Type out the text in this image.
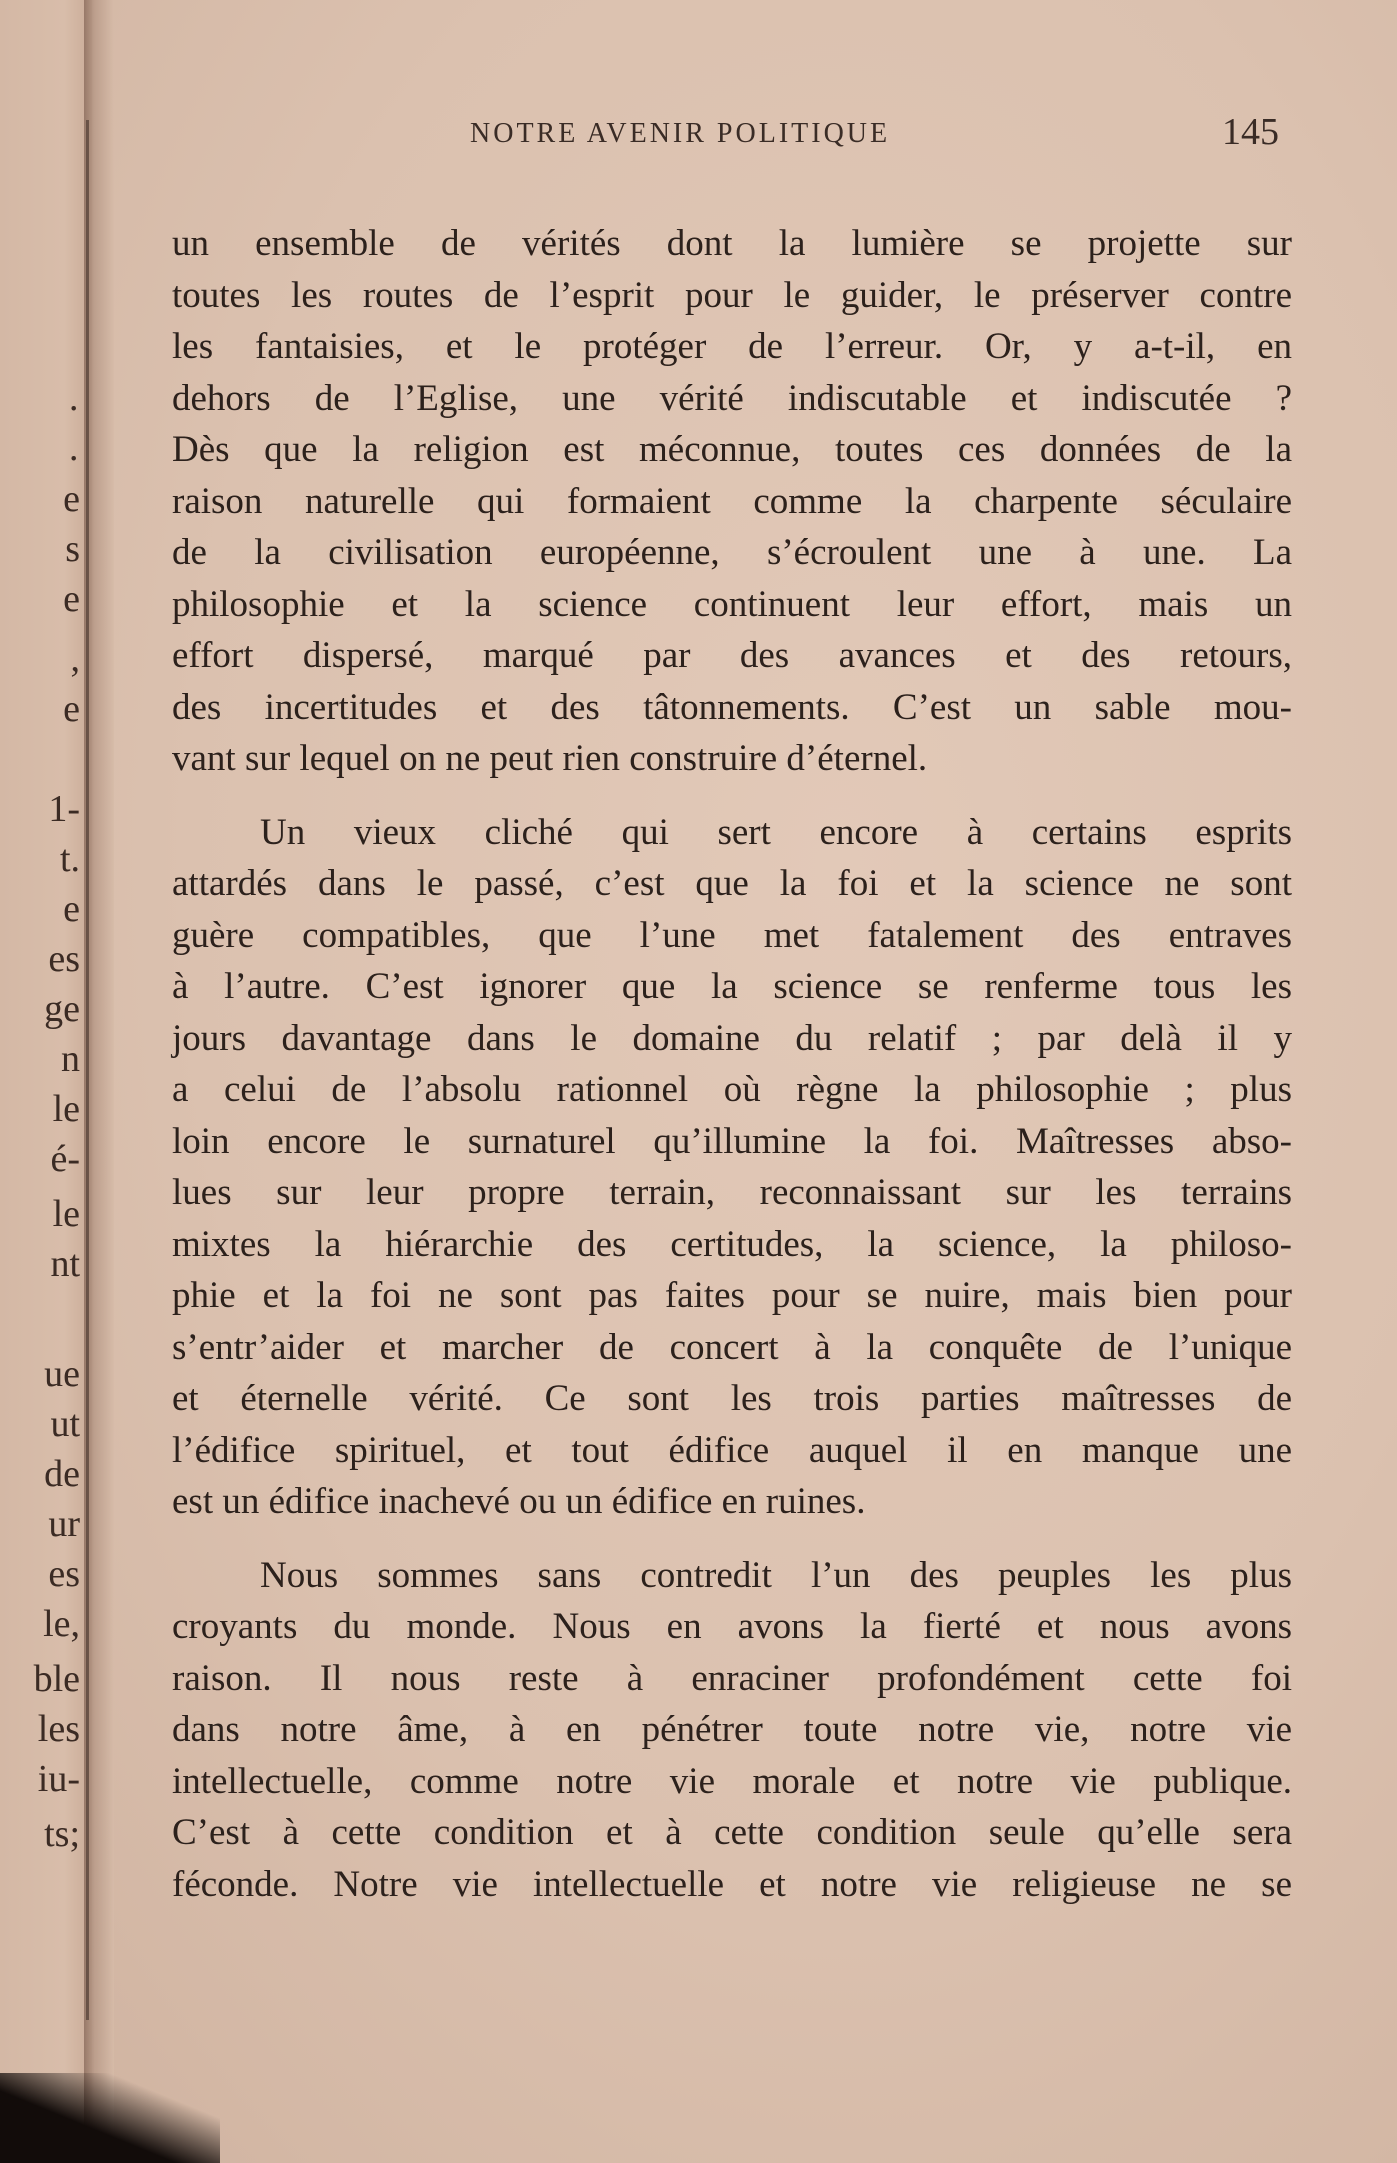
·
·
e
s
e
,
e
1-
t.
e
es
ge
n
le
é-
le
nt
ue
ut
de
ur
es
le,
ble
les
iu-
ts;
NOTRE AVENIR POLITIQUE	145
un ensemble de vérités dont la lumière se projette sur
toutes les routes de l’esprit pour le guider, le préserver contre
les fantaisies, et le protéger de l’erreur. Or, y a-t-il, en
dehors de l’Eglise, une vérité indiscutable et indiscutée ?
Dès que la religion est méconnue, toutes ces données de la
raison naturelle qui formaient comme la charpente séculaire
de la civilisation européenne, s’écroulent une à une. La
philosophie et la science continuent leur effort, mais un
effort dispersé, marqué par des avances et des retours,
des incertitudes et des tâtonnements. C’est un sable mou-
vant sur lequel on ne peut rien construire d’éternel.
Un vieux cliché qui sert encore à certains esprits
attardés dans le passé, c’est que la foi et la science ne sont
guère compatibles, que l’une met fatalement des entraves
à l’autre. C’est ignorer que la science se renferme tous les
jours davantage dans le domaine du relatif ; par delà il y
a celui de l’absolu rationnel où règne la philosophie ; plus
loin encore le surnaturel qu’illumine la foi. Maîtresses abso-
lues sur leur propre terrain, reconnaissant sur les terrains
mixtes la hiérarchie des certitudes, la science, la philoso-
phie et la foi ne sont pas faites pour se nuire, mais bien pour
s’entr’aider et marcher de concert à la conquête de l’unique
et éternelle vérité. Ce sont les trois parties maîtresses de
l’édifice spirituel, et tout édifice auquel il en manque une
est un édifice inachevé ou un édifice en ruines.
Nous sommes sans contredit l’un des peuples les plus
croyants du monde. Nous en avons la fierté et nous avons
raison. Il nous reste à enraciner profondément cette foi
dans notre âme, à en pénétrer toute notre vie, notre vie
intellectuelle, comme notre vie morale et notre vie publique.
C’est à cette condition et à cette condition seule qu’elle sera
féconde. Notre vie intellectuelle et notre vie religieuse ne se
